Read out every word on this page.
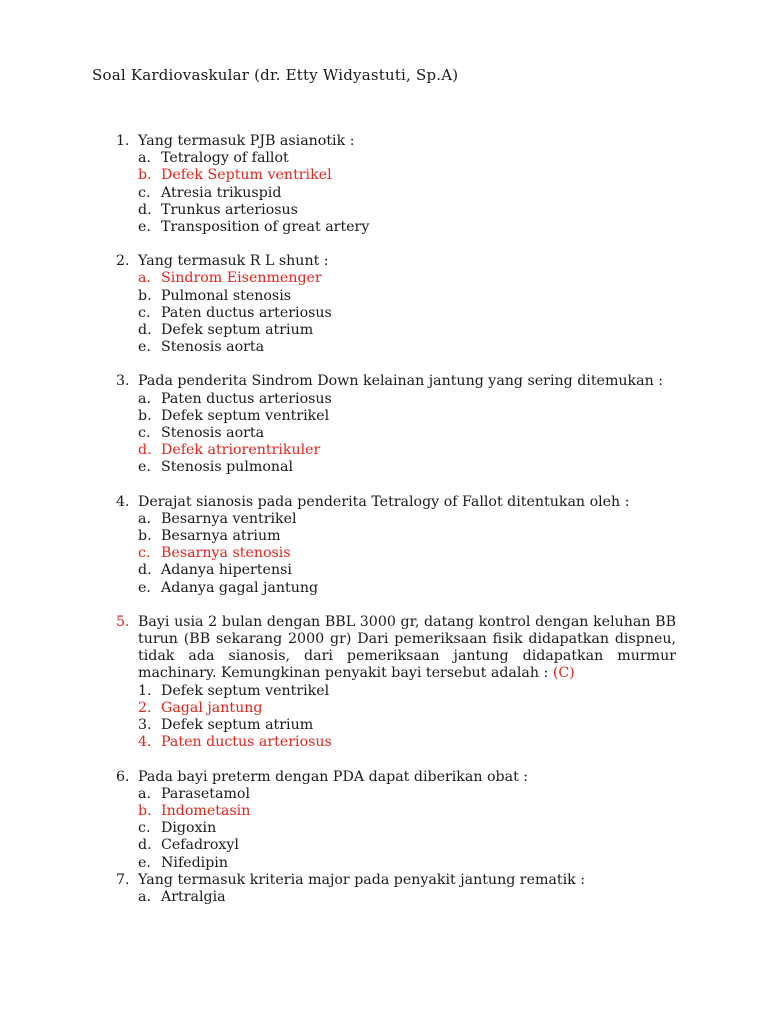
Soal Kardiovaskular (dr. Etty Widyastuti, Sp.A)
1. Yang termasuk PJB asianotik :
a. Tetralogy of fallot
b. Defek Septum ventrikel
c. Atresia trikuspid
d. Trunkus arteriosus
e. Transposition of great artery
2. Yang termasuk R L shunt :
a. Sindrom Eisenmenger
b. Pulmonal stenosis
c. Paten ductus arteriosus
d. Defek septum atrium
e. Stenosis aorta
3. Pada penderita Sindrom Down kelainan jantung yang sering ditemukan :
a. Paten ductus arteriosus
b. Defek septum ventrikel
c. Stenosis aorta
d. Defek atriorentrikuler
e. Stenosis pulmonal
4. Derajat sianosis pada penderita Tetralogy of Fallot ditentukan oleh :
a. Besarnya ventrikel
b. Besarnya atrium
c. Besarnya stenosis
d. Adanya hipertensi
e. Adanya gagal jantung
5. Bayi usia 2 bulan dengan BBL 3000 gr, datang kontrol dengan keluhan BB turun (BB sekarang 2000 gr) Dari pemeriksaan fisik didapatkan dispneu, tidak ada sianosis, dari pemeriksaan jantung didapatkan murmur machinary. Kemungkinan penyakit bayi tersebut adalah : (C)
1. Defek septum ventrikel
2. Gagal jantung
3. Defek septum atrium
4. Paten ductus arteriosus
6. Pada bayi preterm dengan PDA dapat diberikan obat :
a. Parasetamol
b. Indometasin
c. Digoxin
d. Cefadroxyl
e. Nifedipin
7. Yang termasuk kriteria major pada penyakit jantung rematik :
a. Artralgia
